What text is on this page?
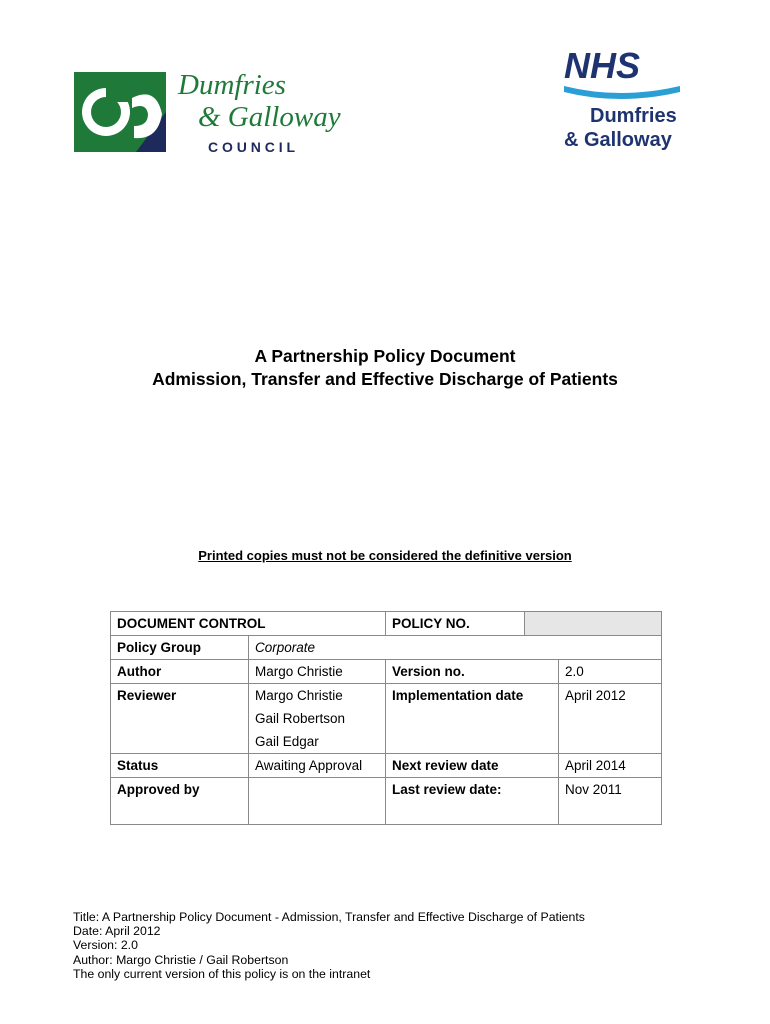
Dumfries
& Galloway
C O U N C I L
NHS
Dumfries
& Galloway
A Partnership Policy Document
Admission, Transfer and Effective Discharge of Patients
Printed copies must not be considered the definitive version
DOCUMENT CONTROL		POLICY NO.		
Policy Group	Corporate			
Author	Margo Christie	Version no.		2.0
Reviewer	Margo Christie	Implementation date		April 2012
	Gail Robertson			
	Gail Edgar			
Status	Awaiting Approval	Next review date		April 2014
Approved by		Last review date:		Nov 2011
Title: A Partnership Policy Document - Admission, Transfer and Effective Discharge of Patients
Date: April 2012
Version: 2.0
Author: Margo Christie / Gail Robertson
The only current version of this policy is on the intranet
